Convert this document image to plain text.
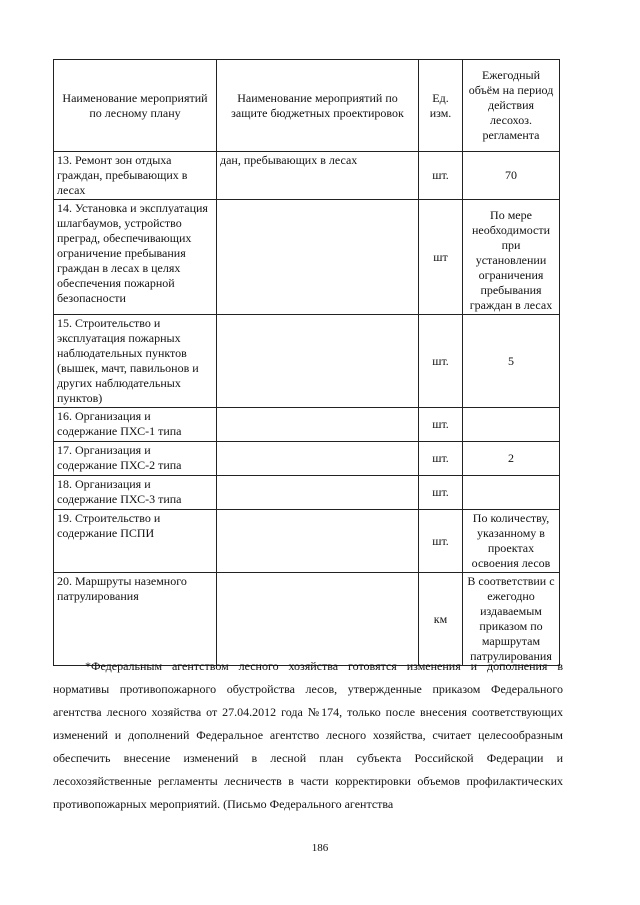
Наименование мероприятий по лесному плану	Наименование мероприятий по защите бюджетных проектировок	Ед. изм.	Ежегодный объём на период действия лесохоз. регламента
13. Ремонт зон отдыха граждан, пребывающих в лесах	дан, пребывающих в лесах	шт.	70
14. Установка и эксплуатация шлагбаумов, устройство преград, обеспечивающих ограничение пребывания граждан в лесах в целях обеспечения пожарной безопасности		шт	По мере необходимости при установлении ограничения пребывания граждан в лесах
15. Строительство и эксплуатация пожарных наблюдательных пунктов (вышек, мачт, павильонов и других наблюдательных пунктов)		шт.	5
16. Организация и содержание ПХС-1 типа		шт.	
17. Организация и содержание ПХС-2 типа		шт.	2
18. Организация и содержание ПХС-3 типа		шт.	
19. Строительство и содержание ПСПИ		шт.	По количеству, указанному в проектах освоения лесов
20. Маршруты наземного патрулирования		км	В соответствии с ежегодно издаваемым приказом по маршрутам патрулирования

*Федеральным агентством лесного хозяйства готовятся изменения и дополнения в нормативы противопожарного обустройства лесов, утвержденные приказом Федерального агентства лесного хозяйства от 27.04.2012 года №174, только после внесения соответствующих изменений и дополнений Федеральное агентство лесного хозяйства, считает целесообразным обеспечить внесение изменений в лесной план субъекта Российской Федерации и лесохозяйственные регламенты лесничеств в части корректировки объемов профилактических противопожарных мероприятий. (Письмо Федерального агентства

186
